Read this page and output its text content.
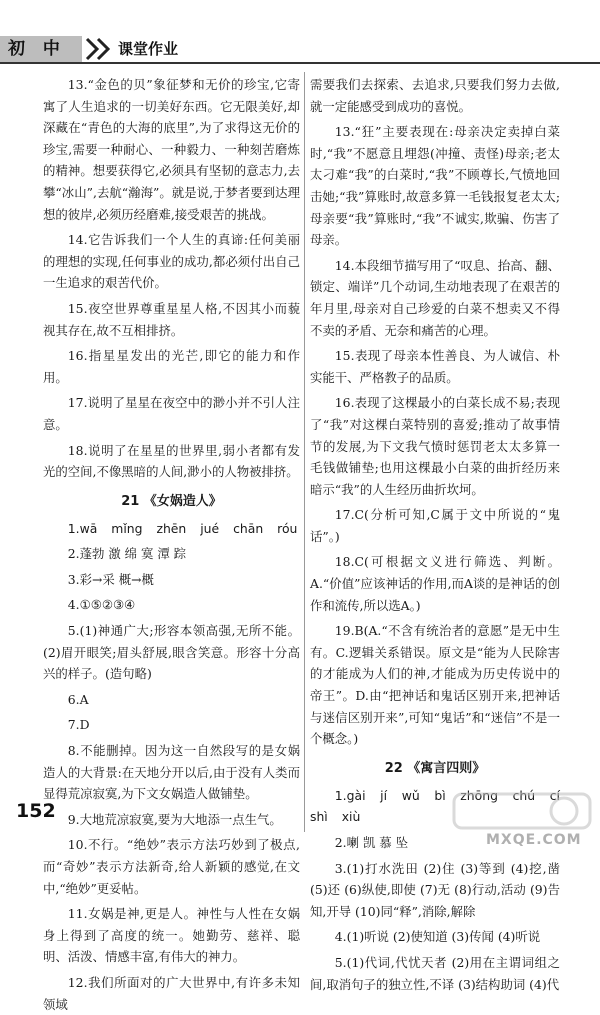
初 中	课堂作业

13.“金色的贝”象征梦和无价的珍宝,它寄寓了人生追求的一切美好东西。它无限美好,却深藏在“青色的大海的底里”,为了求得这无价的珍宝,需要一种耐心、一种毅力、一种刻苦磨炼的精神。想要获得它,必须具有坚韧的意志力,去攀“冰山”,去航“瀚海”。就是说,于梦者要到达理想的彼岸,必须历经磨难,接受艰苦的挑战。

14.它告诉我们一个人生的真谛:任何美丽的理想的实现,任何事业的成功,都必须付出自己一生追求的艰苦代价。

15.夜空世界尊重星星人格,不因其小而藐视其存在,故不互相排挤。

16.指星星发出的光芒,即它的能力和作用。

17.说明了星星在夜空中的渺小并不引人注意。

18.说明了在星星的世界里,弱小者都有发光的空间,不像黑暗的人间,渺小的人物被排挤。

21 《女娲造人》

1.wā mǐng zhēn jué chān róu

2.蓬勃 激 绵 寞 潭 踪

3.彩→采 概→概

4.①⑤②③④

5.(1)神通广大;形容本领高强,无所不能。(2)眉开眼笑;眉头舒展,眼含笑意。形容十分高兴的样子。(造句略)

6.A

7.D

8.不能删掉。因为这一自然段写的是女娲造人的大背景:在天地分开以后,由于没有人类而显得荒凉寂寞,为下文女娲造人做铺垫。

9.大地荒凉寂寞,要为大地添一点生气。

10.不行。“绝妙”表示方法巧妙到了极点,而“奇妙”表示方法新奇,给人新颖的感觉,在文中,“绝妙”更妥帖。

11.女娲是神,更是人。神性与人性在女娲身上得到了高度的统一。她勤劳、慈祥、聪明、活泼、情感丰富,有伟大的神力。

12.我们所面对的广大世界中,有许多未知领域

需要我们去探索、去追求,只要我们努力去做,就一定能感受到成功的喜悦。

13.“狂”主要表现在:母亲决定卖掉白菜时,“我”不愿意且埋怨(冲撞、责怪)母亲;老太太刁难“我”的白菜时,“我”不顾尊长,气愤地回击她;“我”算账时,故意多算一毛钱报复老太太;母亲要“我”算账时,“我”不诚实,欺骗、伤害了母亲。

14.本段细节描写用了“叹息、抬高、翻、锁定、端详”几个动词,生动地表现了在艰苦的年月里,母亲对自己珍爱的白菜不想卖又不得不卖的矛盾、无奈和痛苦的心理。

15.表现了母亲本性善良、为人诚信、朴实能干、严格教子的品质。

16.表现了这棵最小的白菜长成不易;表现了“我”对这棵白菜特别的喜爱;推动了故事情节的发展,为下文我气愤时惩罚老太太多算一毛钱做铺垫;也用这棵最小白菜的曲折经历来暗示“我”的人生经历曲折坎坷。

17.C(分析可知,C属于文中所说的“鬼话”。)

18.C(可根据文义进行筛选、判断。A.“价值”应该神话的作用,而A谈的是神话的创作和流传,所以选A。)

19.B(A.“不含有统治者的意愿”是无中生有。C.逻辑关系错误。原文是“能为人民除害的才能成为人们的神,才能成为历史传说中的帝王”。D.由“把神话和鬼话区别开来,把神话与迷信区别开来”,可知“鬼话”和“迷信”不是一个概念。)

22 《寓言四则》

1.gài jí wǔ bì zhōng chú cí shì xiù

2.喇 凯 慕 坠

3.(1)打水洗田 (2)住 (3)等到 (4)挖,凿 (5)还 (6)纵使,即使 (7)无 (8)行动,活动 (9)告知,开导 (10)同“释”,消除,解除

4.(1)听说 (2)使知道 (3)传闻 (4)听说

5.(1)代词,代忧天者 (2)用在主谓词组之间,取消句子的独立性,不译 (3)结构助词 (4)代

152
MXQE.COM
